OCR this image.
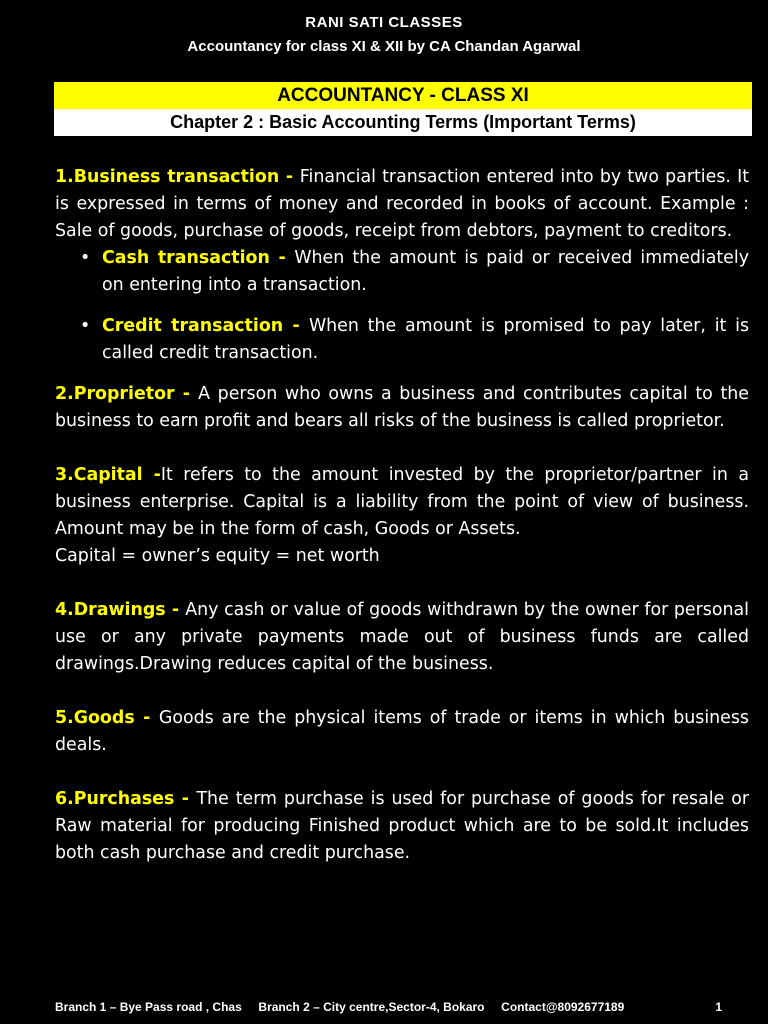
RANI SATI CLASSES
Accountancy for class XI & XII by CA Chandan Agarwal
ACCOUNTANCY - CLASS XI
Chapter 2 : Basic Accounting Terms (Important Terms)

1.Business transaction - Financial transaction entered into by two parties. It is expressed in terms of money and recorded in books of account. Example : Sale of goods, purchase of goods, receipt from debtors, payment to creditors.

• Cash transaction - When the amount is paid or received immediately on entering into a transaction.
• Credit transaction - When the amount is promised to pay later, it is called credit transaction.

2.Proprietor - A person who owns a business and contributes capital to the business to earn profit and bears all risks of the business is called proprietor.

3.Capital -It refers to the amount invested by the proprietor/partner in a business enterprise. Capital is a liability from the point of view of business. Amount may be in the form of cash, Goods or Assets.

Capital = owner’s equity = net worth

4.Drawings - Any cash or value of goods withdrawn by the owner for personal use or any private payments made out of business funds are called drawings.Drawing reduces capital of the business.

5.Goods - Goods are the physical items of trade or items in which business deals.

6.Purchases - The term purchase is used for purchase of goods for resale or Raw material for producing Finished product which are to be sold.It includes both cash purchase and credit purchase.

Branch 1 – Bye Pass road , Chas Branch 2 – City centre,Sector-4, Bokaro Contact@8092677189	1
